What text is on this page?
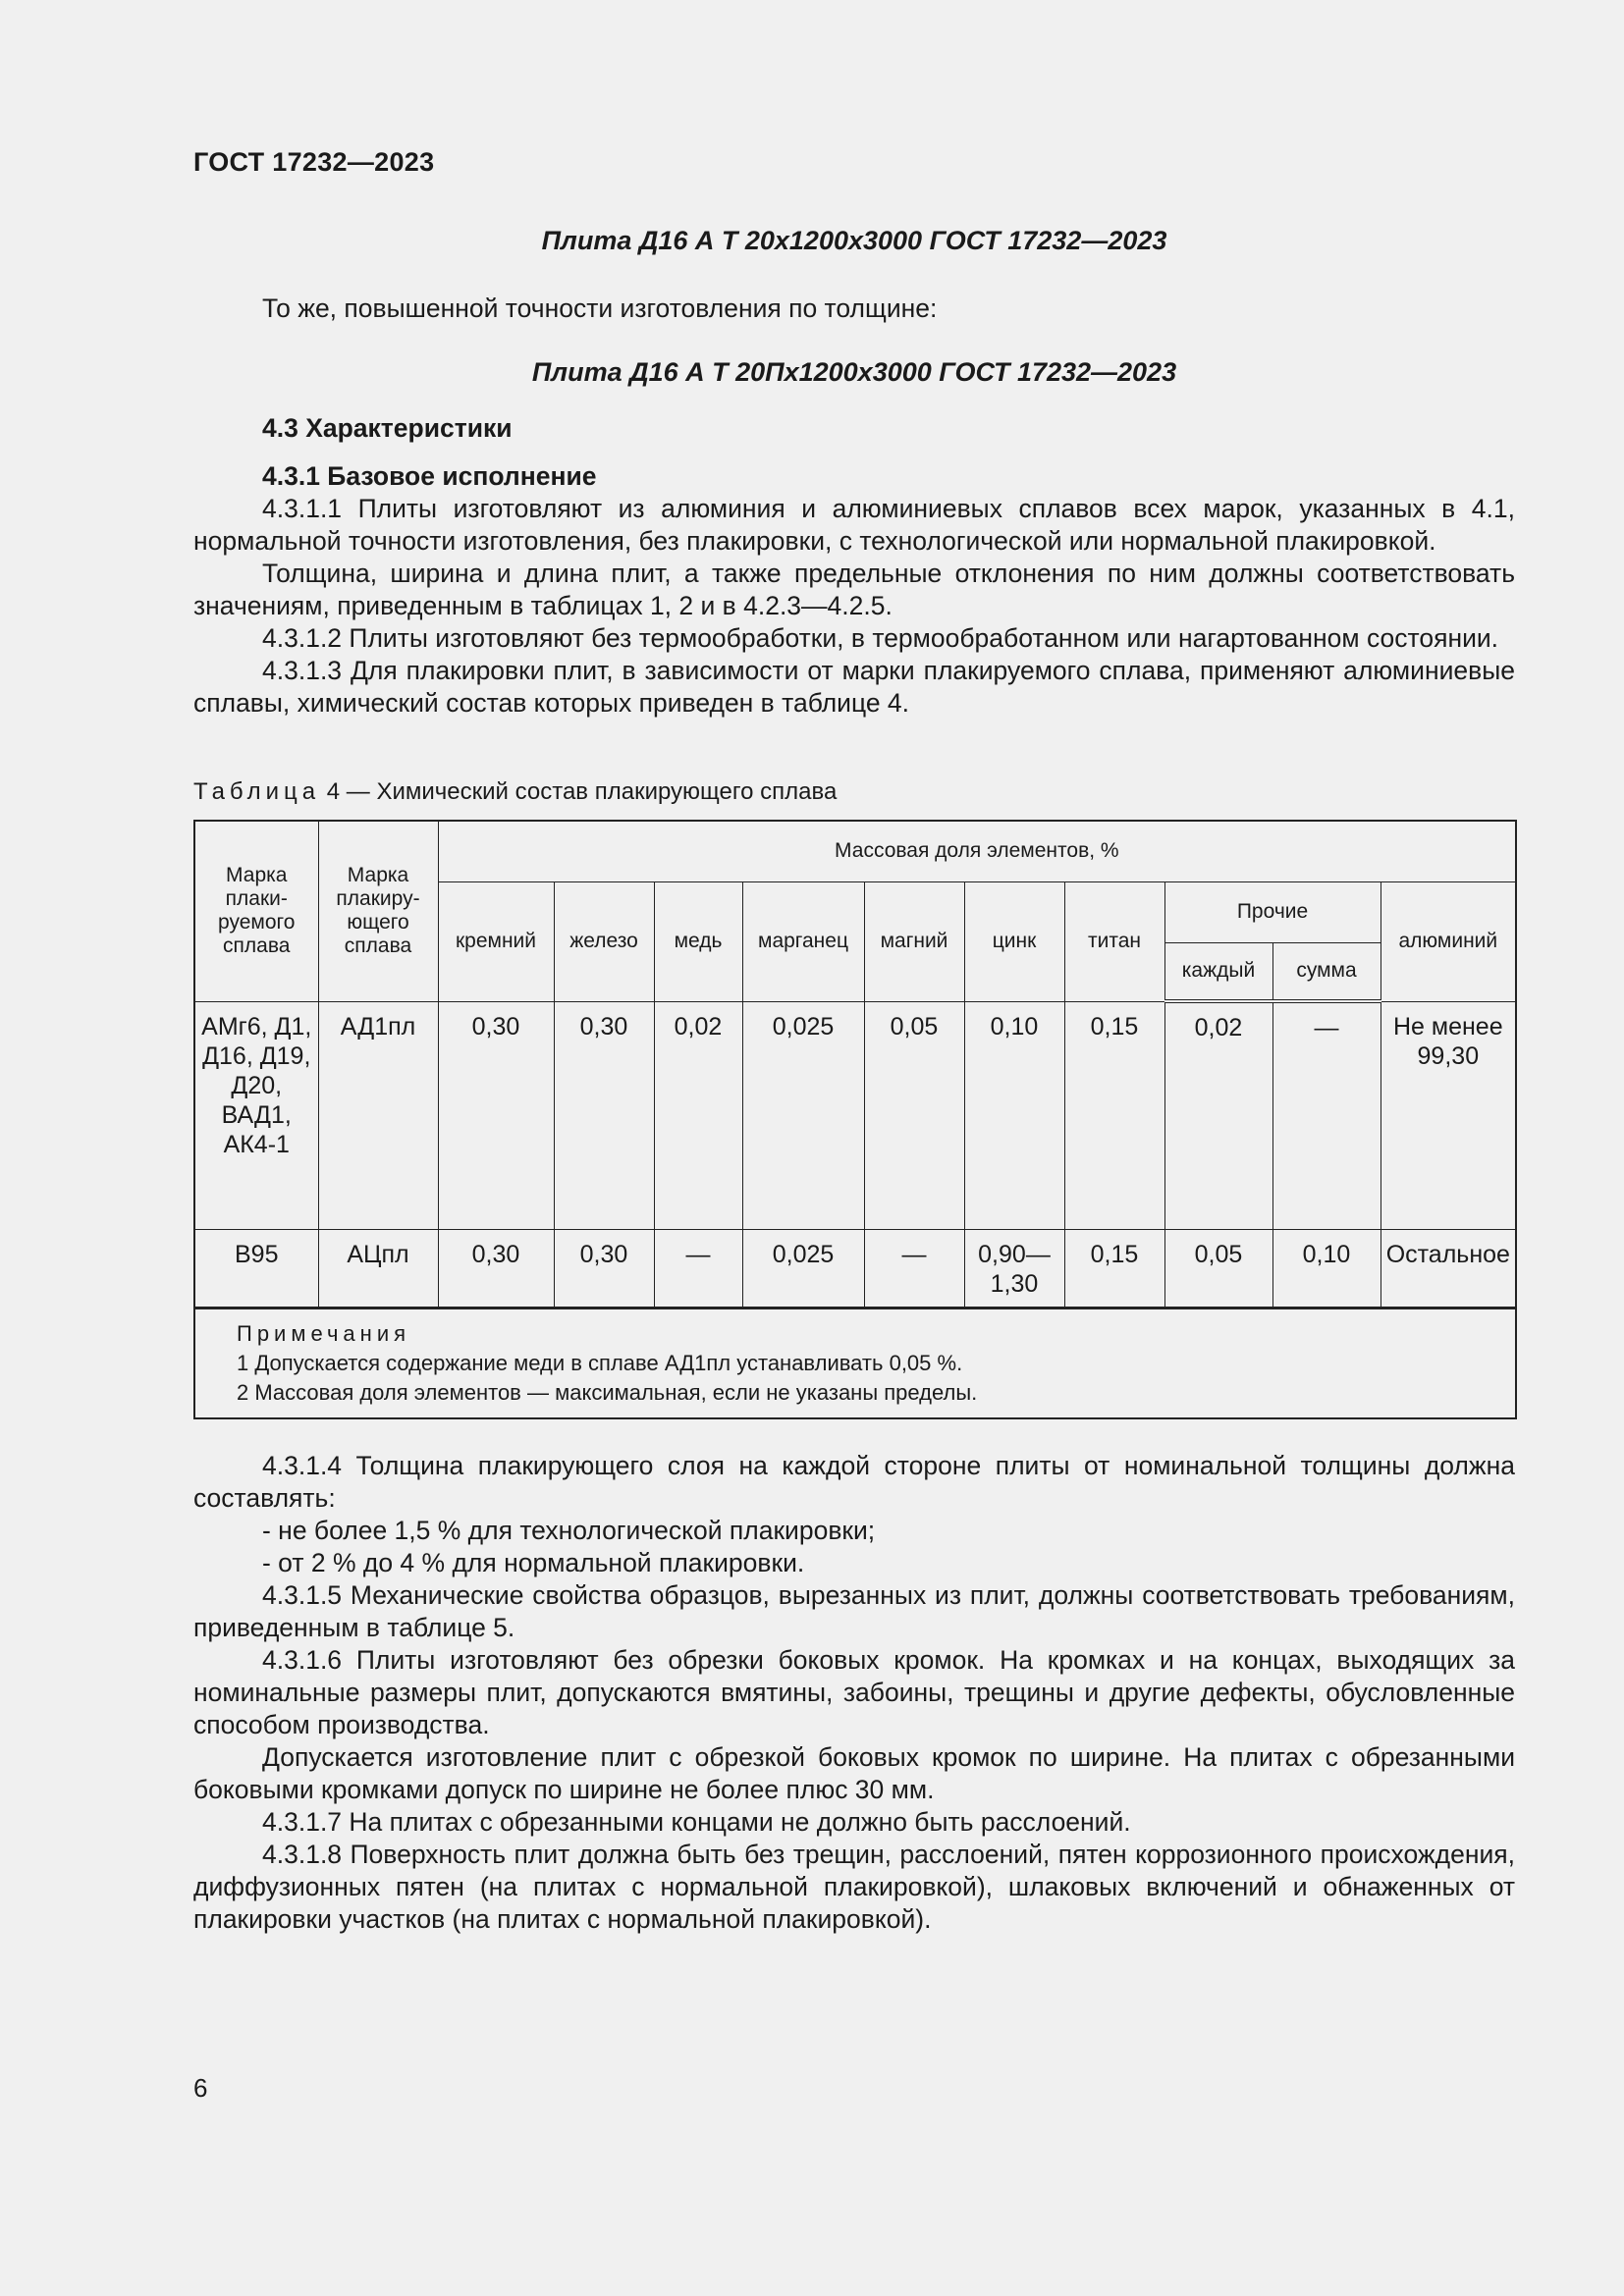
ГОСТ 17232—2023
Плита Д16 А Т 20х1200х3000 ГОСТ 17232—2023

То же, повышенной точности изготовления по толщине:

Плита Д16 А Т 20Пх1200х3000 ГОСТ 17232—2023

4.3 Характеристики

4.3.1 Базовое исполнение

4.3.1.1 Плиты изготовляют из алюминия и алюминиевых сплавов всех марок, указанных в 4.1, нормальной точности изготовления, без плакировки, с технологической или нормальной плакировкой.

Толщина, ширина и длина плит, а также предельные отклонения по ним должны соответствовать значениям, приведенным в таблицах 1, 2 и в 4.2.3—4.2.5.

4.3.1.2 Плиты изготовляют без термообработки, в термообработанном или нагартованном состоянии.

4.3.1.3 Для плакировки плит, в зависимости от марки плакируемого сплава, применяют алюминиевые сплавы, химический состав которых приведен в таблице 4.

Таблица 4 — Химический состав плакирующего сплава
Марка плаки-руемого сплава	Марка плакиру-ющего сплава	Массовая доля элементов, %									
		кремний	железо	медь	марганец	магний	цинк	титан	Прочие		алюминий
									каждый	сумма	
АМг6, Д1, Д16, Д19, Д20, ВАД1, АК4-1	АД1пл	0,30	0,30	0,02	0,025	0,05	0,10	0,15	0,02	—	Не менее 99,30
В95	АЦпл	0,30	0,30	—	0,025	—	0,90—1,30	0,15	0,05	0,10	Остальное

Примечания
1 Допускается содержание меди в сплаве АД1пл устанавливать 0,05 %.
2 Массовая доля элементов — максимальная, если не указаны пределы.											

4.3.1.4 Толщина плакирующего слоя на каждой стороне плиты от номинальной толщины должна составлять:

- не более 1,5 % для технологической плакировки;

- от 2 % до 4 % для нормальной плакировки.

4.3.1.5 Механические свойства образцов, вырезанных из плит, должны соответствовать требованиям, приведенным в таблице 5.

4.3.1.6 Плиты изготовляют без обрезки боковых кромок. На кромках и на концах, выходящих за номинальные размеры плит, допускаются вмятины, забоины, трещины и другие дефекты, обусловленные способом производства.

Допускается изготовление плит с обрезкой боковых кромок по ширине. На плитах с обрезанными боковыми кромками допуск по ширине не более плюс 30 мм.

4.3.1.7 На плитах с обрезанными концами не должно быть расслоений.

4.3.1.8 Поверхность плит должна быть без трещин, расслоений, пятен коррозионного происхождения, диффузионных пятен (на плитах с нормальной плакировкой), шлаковых включений и обнаженных от плакировки участков (на плитах с нормальной плакировкой).

6
